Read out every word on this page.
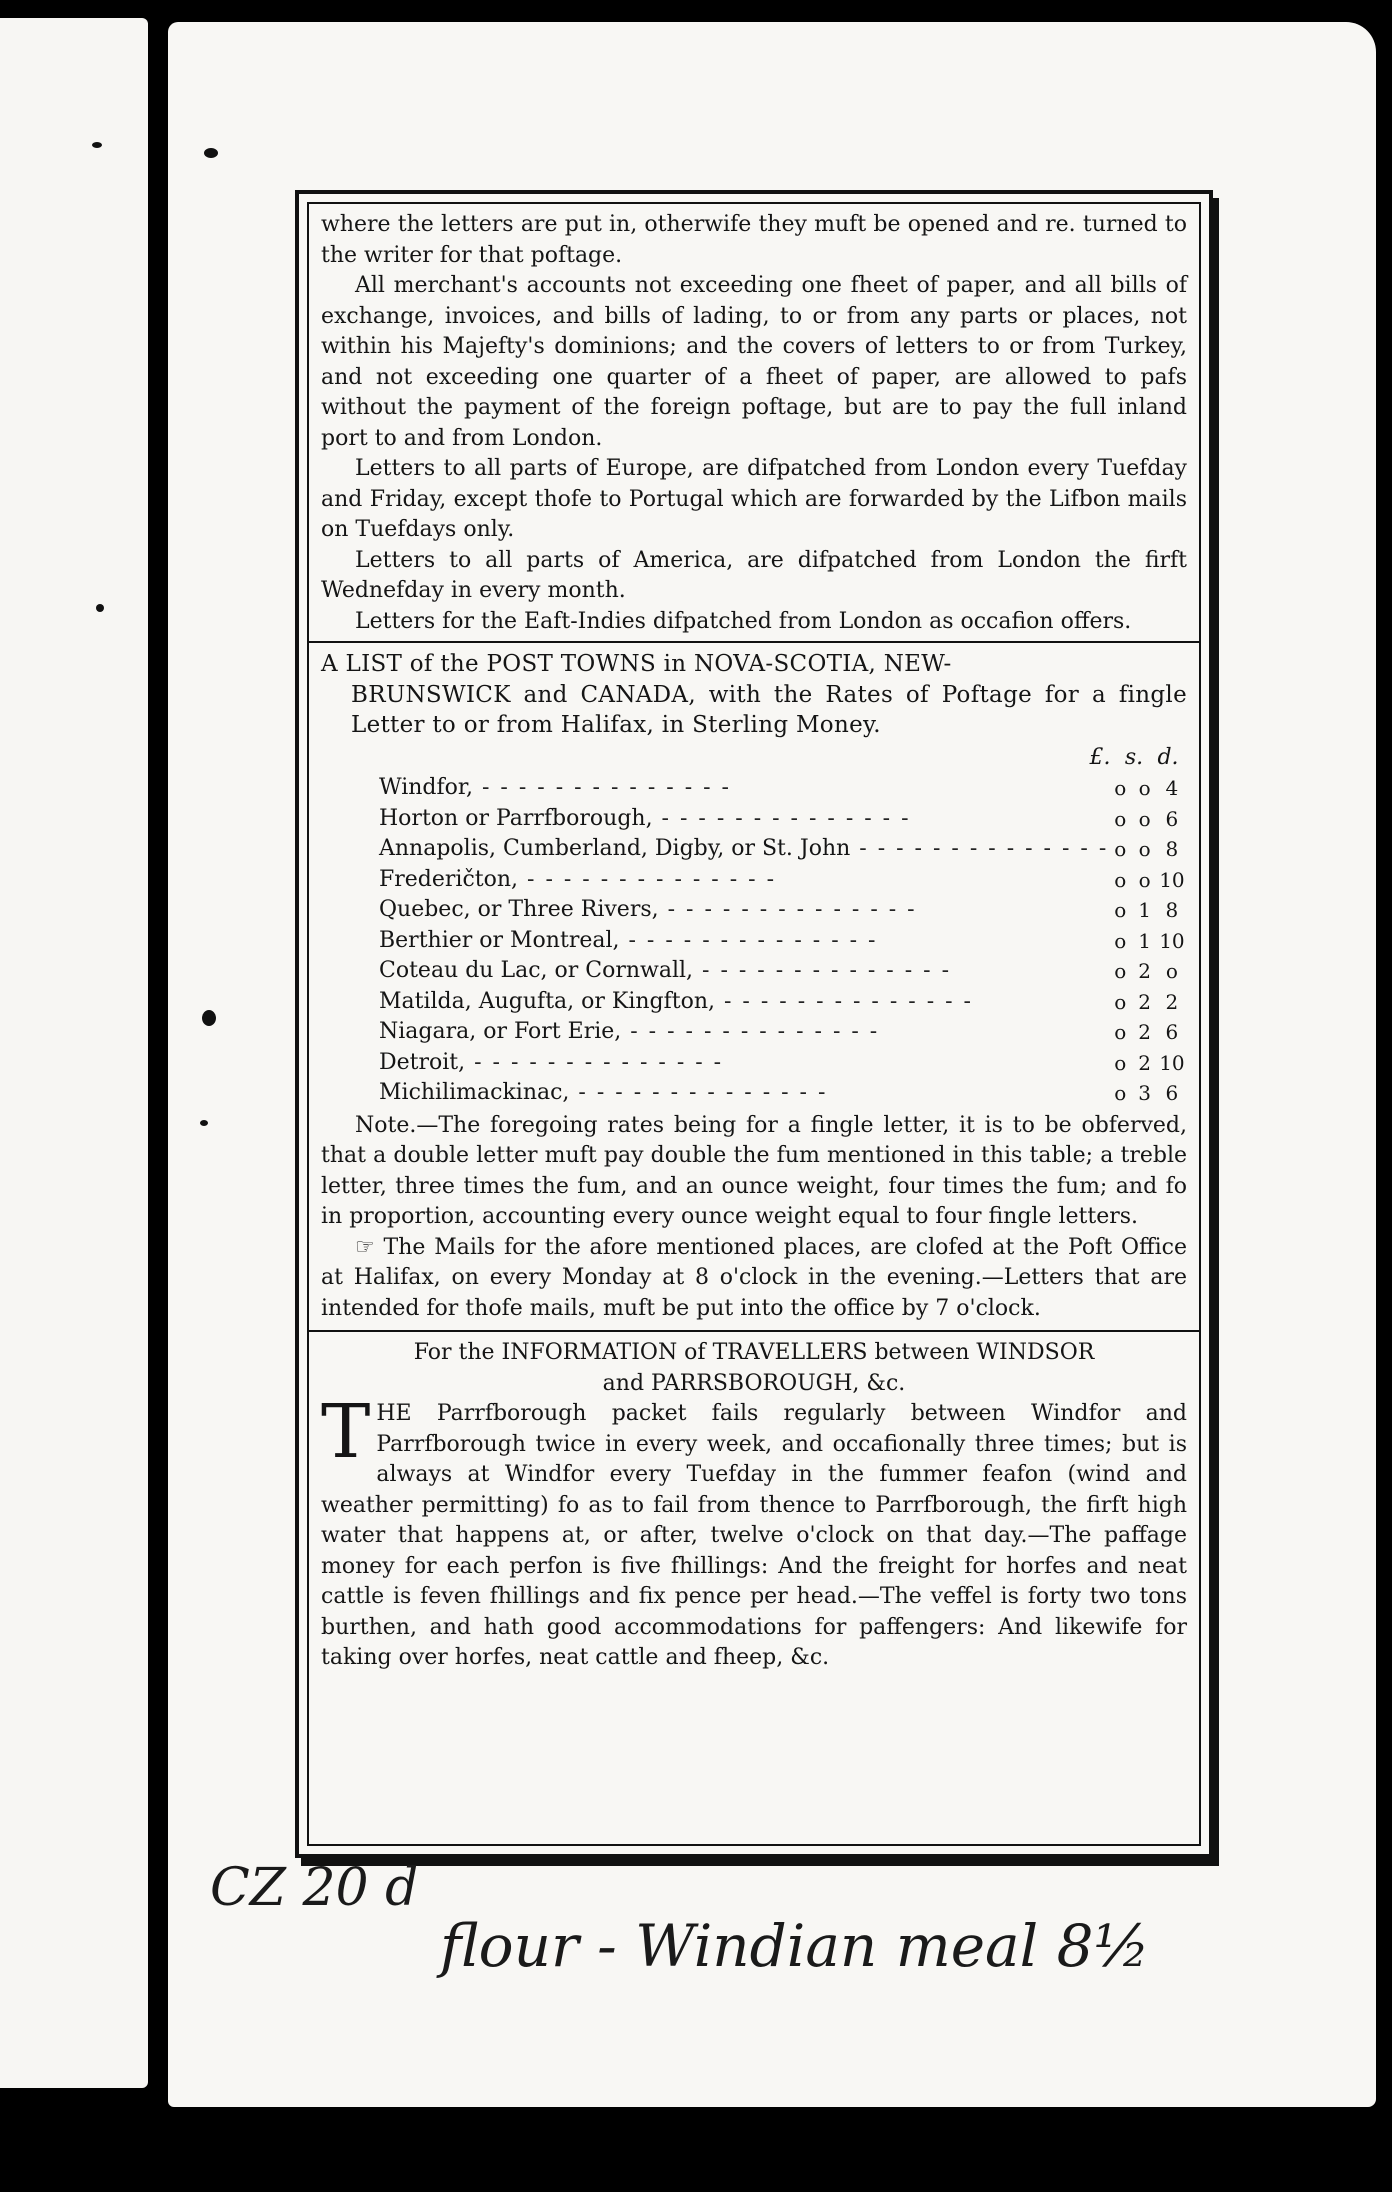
where the letters are put in, otherwife they muft be opened and re. turned to the writer for that poftage.

All merchant's accounts not exceeding one fheet of paper, and all bills of exchange, invoices, and bills of lading, to or from any parts or places, not within his Majefty's dominions; and the covers of letters to or from Turkey, and not exceeding one quarter of a fheet of paper, are allowed to pafs without the payment of the foreign poftage, but are to pay the full inland port to and from London.

Letters to all parts of Europe, are difpatched from London every Tuefday and Friday, except thofe to Portugal which are forwarded by the Lifbon mails on Tuefdays only.

Letters to all parts of America, are difpatched from London the firft Wednefday in every month.

Letters for the Eaft-Indies difpatched from London as occafion offers.

A LIST of the POST TOWNS in NOVA-SCOTIA, NEW-
BRUNSWICK and CANADA, with the Rates of Poftage for a fingle Letter to or from Halifax, in Sterling Money.

£. s. d.
Windfor, - - - - - - - - - - - - - -	o	o	4
Horton or Parrfborough, - - - - - - - - - - - - - -	o	o	6
Annapolis, Cumberland, Digby, or St. John - - - - - - - - - - - - - -	o	o	8
Frederičton, - - - - - - - - - - - - - -	o	o	10
Quebec, or Three Rivers, - - - - - - - - - - - - - -	o	1	8
Berthier or Montreal, - - - - - - - - - - - - - -	o	1	10
Coteau du Lac, or Cornwall, - - - - - - - - - - - - - -	o	2	o
Matilda, Augufta, or Kingfton, - - - - - - - - - - - - - -	o	2	2
Niagara, or Fort Erie, - - - - - - - - - - - - - -	o	2	6
Detroit, - - - - - - - - - - - - - -	o	2	10
Michilimackinac, - - - - - - - - - - - - - -	o	3	6

Note.—The foregoing rates being for a fingle letter, it is to be obferved, that a double letter muft pay double the fum mentioned in this table; a treble letter, three times the fum, and an ounce weight, four times the fum; and fo in proportion, accounting every ounce weight equal to four fingle letters.

☞ The Mails for the afore mentioned places, are clofed at the Poft Office at Halifax, on every Monday at 8 o'clock in the evening.—Letters that are intended for thofe mails, muft be put into the office by 7 o'clock.

For the INFORMATION of TRAVELLERS between WINDSOR

and PARRSBOROUGH, &c.

THE Parrfborough packet fails regularly between Windfor and Parrfborough twice in every week, and occafionally three times; but is always at Windfor every Tuefday in the fummer feafon (wind and weather permitting) fo as to fail from thence to Parrfborough, the firft high water that happens at, or after, twelve o'clock on that day.—The paffage money for each perfon is five fhillings: And the freight for horfes and neat cattle is feven fhillings and fix pence per head.—The veffel is forty two tons burthen, and hath good accommodations for paffengers: And likewife for taking over horfes, neat cattle and fheep, &c.

CZ 20 d
flour - Windian meal 8½
